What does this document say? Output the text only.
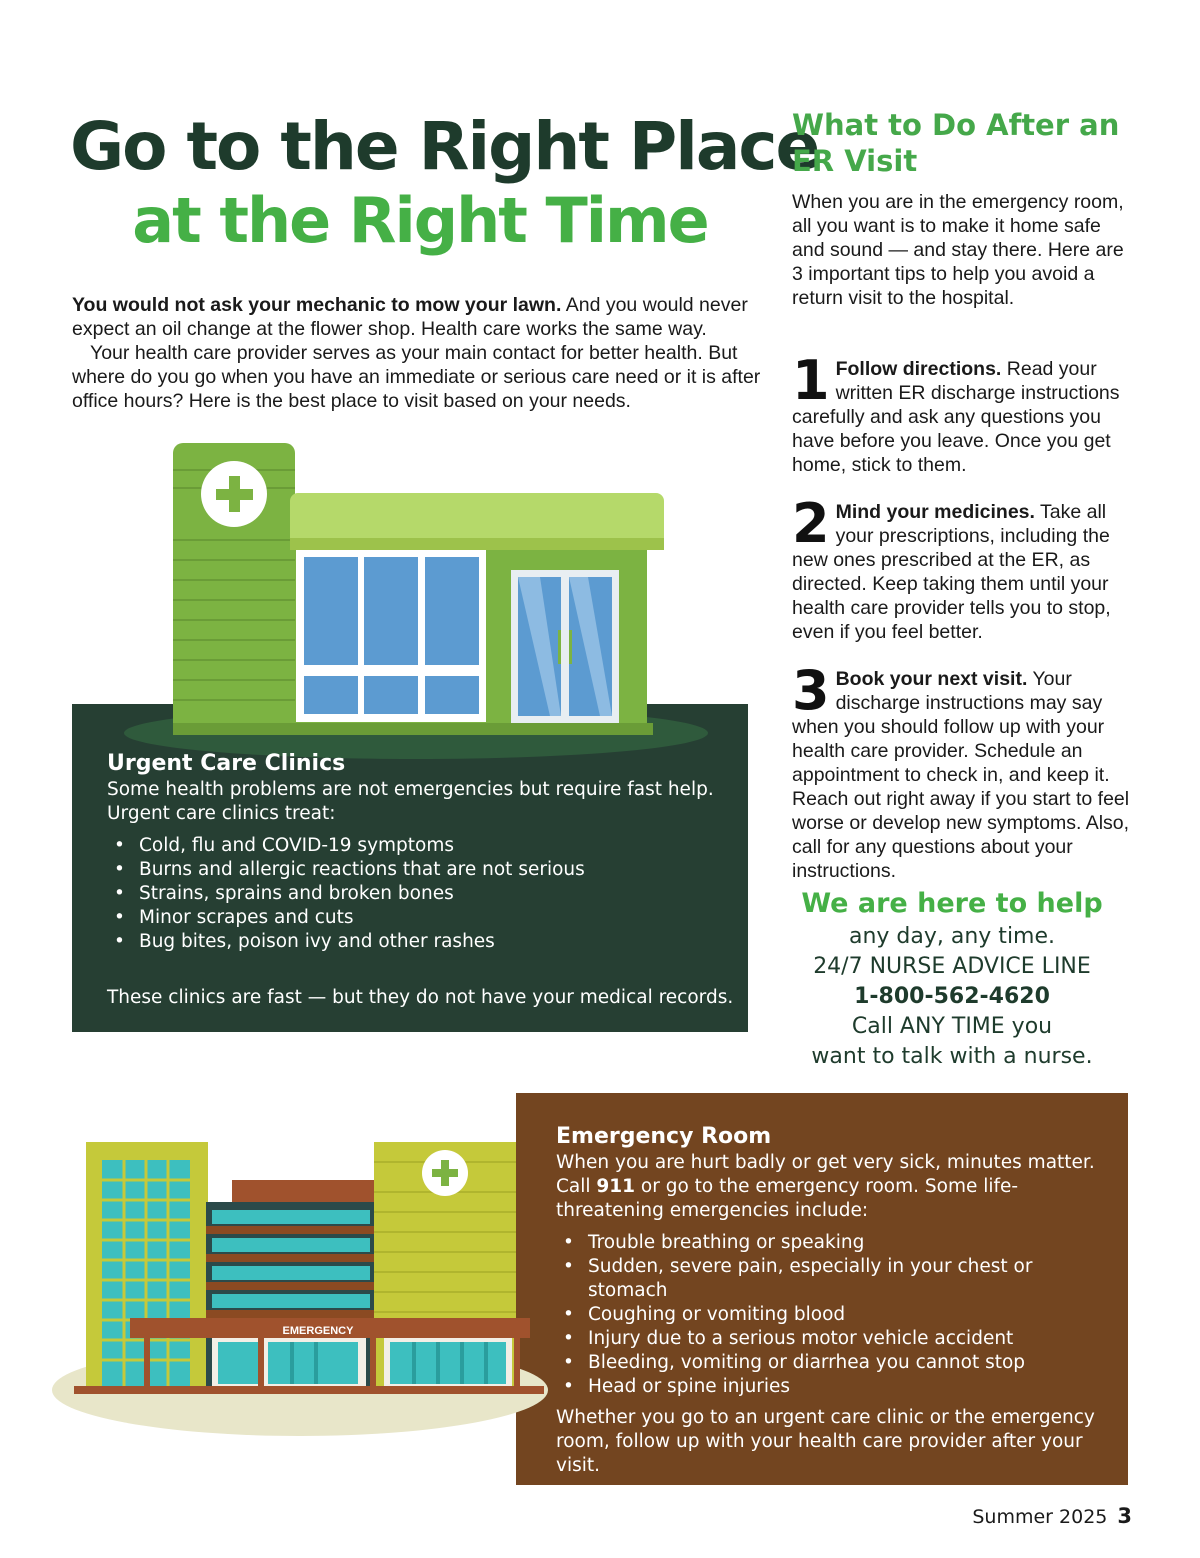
Go to the Right Place
at the Right Time
You would not ask your mechanic to mow your lawn. And you would never expect an oil change at the flower shop. Health care works the same way.
Your health care provider serves as your main contact for better health. But where do you go when you have an immediate or serious care need or it is after office hours? Here is the best place to visit based on your needs.
Urgent Care Clinics
Some health problems are not emergencies but require fast help. Urgent care clinics treat:
• Cold, flu and COVID-19 symptoms
• Burns and allergic reactions that are not serious
• Strains, sprains and broken bones
• Minor scrapes and cuts
• Bug bites, poison ivy and other rashes
These clinics are fast — but they do not have your medical records.
What to Do After an ER Visit
When you are in the emergency room, all you want is to make it home safe and sound — and stay there. Here are 3 important tips to help you avoid a return visit to the hospital.
1 Follow directions. Read your written ER discharge instructions carefully and ask any questions you have before you leave. Once you get home, stick to them.
2 Mind your medicines. Take all your prescriptions, including the new ones prescribed at the ER, as directed. Keep taking them until your health care provider tells you to stop, even if you feel better.
3 Book your next visit. Your discharge instructions may say when you should follow up with your health care provider. Schedule an appointment to check in, and keep it. Reach out right away if you start to feel worse or develop new symptoms. Also, call for any questions about your instructions.
We are here to help
any day, any time.
24/7 NURSE ADVICE LINE
1-800-562-4620
Call ANY TIME you
want to talk with a nurse.
EMERGENCY
Emergency Room
When you are hurt badly or get very sick, minutes matter. Call 911 or go to the emergency room. Some life-threatening emergencies include:
• Trouble breathing or speaking
• Sudden, severe pain, especially in your chest or stomach
• Coughing or vomiting blood
• Injury due to a serious motor vehicle accident
• Bleeding, vomiting or diarrhea you cannot stop
• Head or spine injuries
Whether you go to an urgent care clinic or the emergency room, follow up with your health care provider after your visit.
Summer 2025 3
